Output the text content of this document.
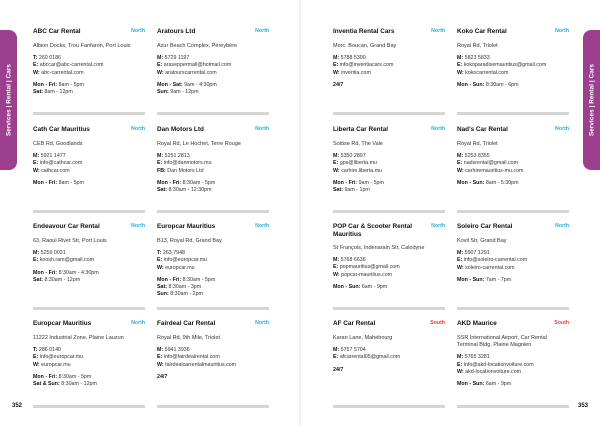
Services | Rental | Cars	Services | Rental | Cars
ABC Car Rental	North
Albion Docks, Trou Fanfaron, Port Louis
T: 260 0186
E: abccar@abc-carrental.com
W: abc-carrental.com
Mon - Fri: 8am - 5pm
Sat: 8am - 12pm
Aratours Ltd	North
Azur Beach Complex, Péreybère
M: 5729 1197
E: araseppermall@hotmail.com
W: aratourscarrental.com
Mon - Sat: 9am - 4:30pm
Sun: 9am - 12pm
Inventia Rental Cars	North
Morc. Boucan, Grand Bay
M: 5788 5300
E: info@inventiacars.com
W: inventia.com
24/7
Koko Car Rental	North
Royal Rd, Triolet
M: 5823 5833
E: kokoparadisemauritius@gmail.com
W: kokocarrental.com
Mon - Sun: 8:30am - 6pm
Cath Car Mauritius	North
CEB Rd, Goodlands
M: 5921 1477
E: info@cathcar.com
W: cathcar.com
Mon - Fri: 8am - 5pm
Dan Motors Ltd	North
Royal Rd, Le Hochet, Terre Rouge
M: 5251 2813
E: info@danmotors.mu
FB: Dan Motors Ltd
Mon - Fri: 8:30am - 5pm
Sat: 8:30am - 12:30pm
Liberta Car Rental	North
Sottise Rd, The Vale
M: 5350 2897
E: gps@liberta.mu
W: carhire.liberta.mu
Mon - Fri: 9am - 5pm
Sat: 9am - 1pm
Nad's Car Rental	North
Royal Rd, Triolet
M: 5253 8355
E: nadsrental@gmail.com
W: carhiremauritius-mu.com
Mon - Sun: 8am - 5:30pm
Endeavour Car Rental	North
63, Raoul Rivet Str, Port Louis
M: 5259 0031
E: koosh.ram@gmail.com
Mon - Fri: 8:30am - 4:30pm
Sat: 8:30am - 12pm
Europcar Mauritius	North
B13, Royal Rd, Grand Bay
T: 263 7948
E: info@europcar.mu
W: europcar.mu
Mon - Fri: 8:30am - 5pm
Sat: 8:30am - 3pm
Sun: 8:30am - 2pm
POP Car & Scooter Rental Mauritius
North
St François, Indenarain Str, Calodyne
M: 5768 6636
E: popmauritius@gmail.com
W: popcar-mauritius.com
Mon - Sun: 6am - 9pm
Soleiro Car Rental	North
Kovil Str, Grand Bay
M: 5907 1291
E: info@soleiro-carrental.com
W: soleiro-carrental.com
Mon - Sun: 7am - 7pm
Europcar Mauritius	North
11222 Industrial Zone, Plaine Lauzun
T: 286 0140
E: info@europcar.mu
W: europcar.mu
Mon - Fri: 8:30am - 5pm
Sat & Sun: 8:30am - 12pm
Fairdeal Car Rental	North
Royal Rd, 9th Mile, Triolet
M: 5941 3936
E: info@fairdealrental.com
W: fairdealcarrentalmauritius.com
24/7
AF Car Rental	South
Karan Lane, Mahebourg
M: 5757 5704
E: afcarrental05@gmail.com
24/7
AKD Maurice	South
SSR International Airport, Car Rental Terminal Bldg, Plaine Magnien
M: 5765 3281
E: info@akd-locationvoiture.com
W: akd-locationvoiture.com
Mon - Sun: 6am - 9pm
352	353
